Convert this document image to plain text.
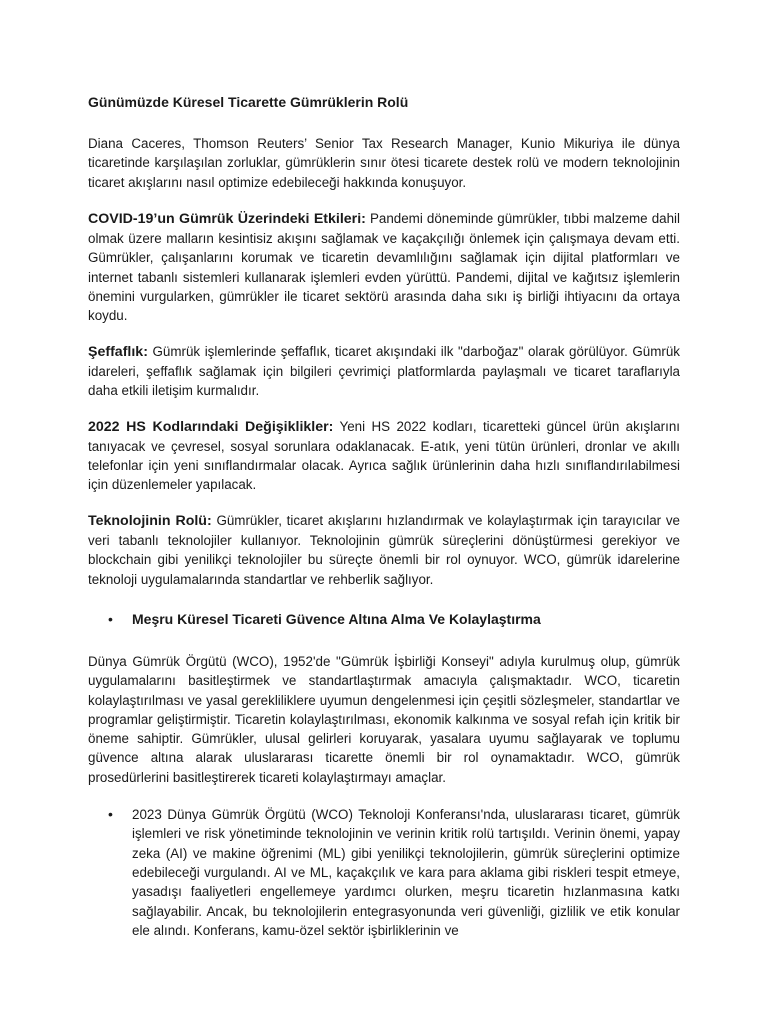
Günümüzde Küresel Ticarette Gümrüklerin Rolü

Diana Caceres, Thomson Reuters’ Senior Tax Research Manager, Kunio Mikuriya ile dünya ticaretinde karşılaşılan zorluklar, gümrüklerin sınır ötesi ticarete destek rolü ve modern teknolojinin ticaret akışlarını nasıl optimize edebileceği hakkında konuşuyor.

COVID-19’un Gümrük Üzerindeki Etkileri: Pandemi döneminde gümrükler, tıbbi malzeme dahil olmak üzere malların kesintisiz akışını sağlamak ve kaçakçılığı önlemek için çalışmaya devam etti. Gümrükler, çalışanlarını korumak ve ticaretin devamlılığını sağlamak için dijital platformları ve internet tabanlı sistemleri kullanarak işlemleri evden yürüttü. Pandemi, dijital ve kağıtsız işlemlerin önemini vurgularken, gümrükler ile ticaret sektörü arasında daha sıkı iş birliği ihtiyacını da ortaya koydu.

Şeffaflık: Gümrük işlemlerinde şeffaflık, ticaret akışındaki ilk "darboğaz" olarak görülüyor. Gümrük idareleri, şeffaflık sağlamak için bilgileri çevrimiçi platformlarda paylaşmalı ve ticaret taraflarıyla daha etkili iletişim kurmalıdır.

2022 HS Kodlarındaki Değişiklikler: Yeni HS 2022 kodları, ticaretteki güncel ürün akışlarını tanıyacak ve çevresel, sosyal sorunlara odaklanacak. E-atık, yeni tütün ürünleri, dronlar ve akıllı telefonlar için yeni sınıflandırmalar olacak. Ayrıca sağlık ürünlerinin daha hızlı sınıflandırılabilmesi için düzenlemeler yapılacak.

Teknolojinin Rolü: Gümrükler, ticaret akışlarını hızlandırmak ve kolaylaştırmak için tarayıcılar ve veri tabanlı teknolojiler kullanıyor. Teknolojinin gümrük süreçlerini dönüştürmesi gerekiyor ve blockchain gibi yenilikçi teknolojiler bu süreçte önemli bir rol oynuyor. WCO, gümrük idarelerine teknoloji uygulamalarında standartlar ve rehberlik sağlıyor.

•	Meşru Küresel Ticareti Güvence Altına Alma Ve Kolaylaştırma

Dünya Gümrük Örgütü (WCO), 1952'de "Gümrük İşbirliği Konseyi" adıyla kurulmuş olup, gümrük uygulamalarını basitleştirmek ve standartlaştırmak amacıyla çalışmaktadır. WCO, ticaretin kolaylaştırılması ve yasal gerekliliklere uyumun dengelenmesi için çeşitli sözleşmeler, standartlar ve programlar geliştirmiştir. Ticaretin kolaylaştırılması, ekonomik kalkınma ve sosyal refah için kritik bir öneme sahiptir. Gümrükler, ulusal gelirleri koruyarak, yasalara uyumu sağlayarak ve toplumu güvence altına alarak uluslararası ticarette önemli bir rol oynamaktadır. WCO, gümrük prosedürlerini basitleştirerek ticareti kolaylaştırmayı amaçlar.

•	2023 Dünya Gümrük Örgütü (WCO) Teknoloji Konferansı'nda, uluslararası ticaret, gümrük işlemleri ve risk yönetiminde teknolojinin ve verinin kritik rolü tartışıldı. Verinin önemi, yapay zeka (AI) ve makine öğrenimi (ML) gibi yenilikçi teknolojilerin, gümrük süreçlerini optimize edebileceği vurgulandı. AI ve ML, kaçakçılık ve kara para aklama gibi riskleri tespit etmeye, yasadışı faaliyetleri engellemeye yardımcı olurken, meşru ticaretin hızlanmasına katkı sağlayabilir. Ancak, bu teknolojilerin entegrasyonunda veri güvenliği, gizlilik ve etik konular ele alındı. Konferans, kamu-özel sektör işbirliklerinin ve
